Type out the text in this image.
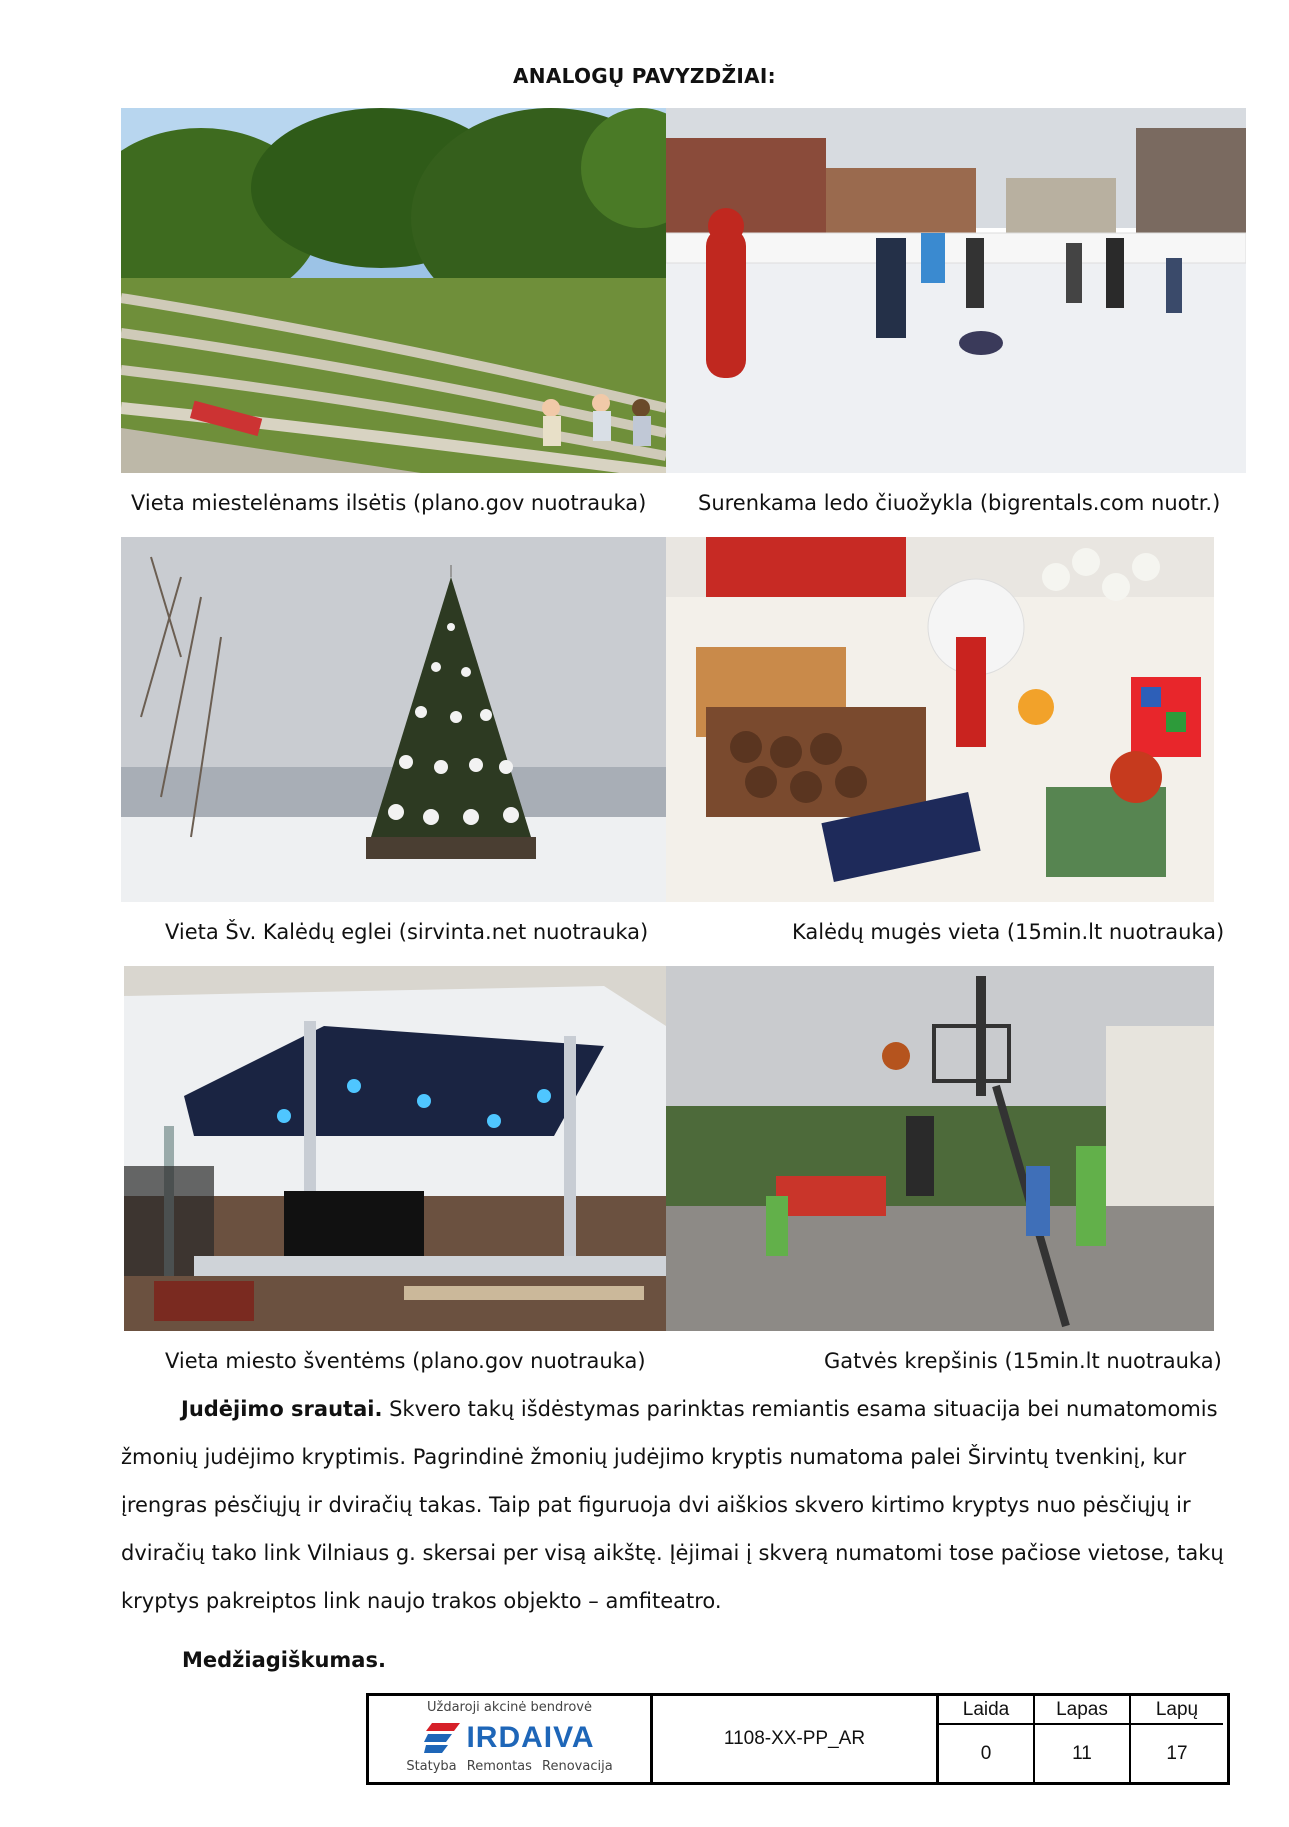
ANALOGŲ PAVYZDŽIAI:
Vieta miestelėnams ilsėtis (plano.gov nuotrauka) Surenkama ledo čiuožykla (bigrentals.com nuotr.)
Vieta Šv. Kalėdų eglei (sirvinta.net nuotrauka)	Kalėdų mugės vieta (15min.lt nuotrauka)
Vieta miesto šventėms (plano.gov nuotrauka)	Gatvės krepšinis (15min.lt nuotrauka)
Judėjimo srautai. Skvero takų išdėstymas parinktas remiantis esama situacija bei numatomomis žmonių judėjimo kryptimis. Pagrindinė žmonių judėjimo kryptis numatoma palei Širvintų tvenkinį, kur įrengras pėsčiųjų ir dviračių takas. Taip pat figuruoja dvi aiškios skvero kirtimo kryptys nuo pėsčiųjų ir dviračių tako link Vilniaus g. skersai per visą aikštę. Įėjimai į skverą numatomi tose pačiose vietose, takų kryptys pakreiptos link naujo trakos objekto – amfiteatro.
Medžiagiškumas.
Uždaroji akcinė bendrovė
IRDAIVA
Statyba Remontas Renovacija
1108-XX-PP_AR
Laida	Lapas	Lapų
0	11	17
